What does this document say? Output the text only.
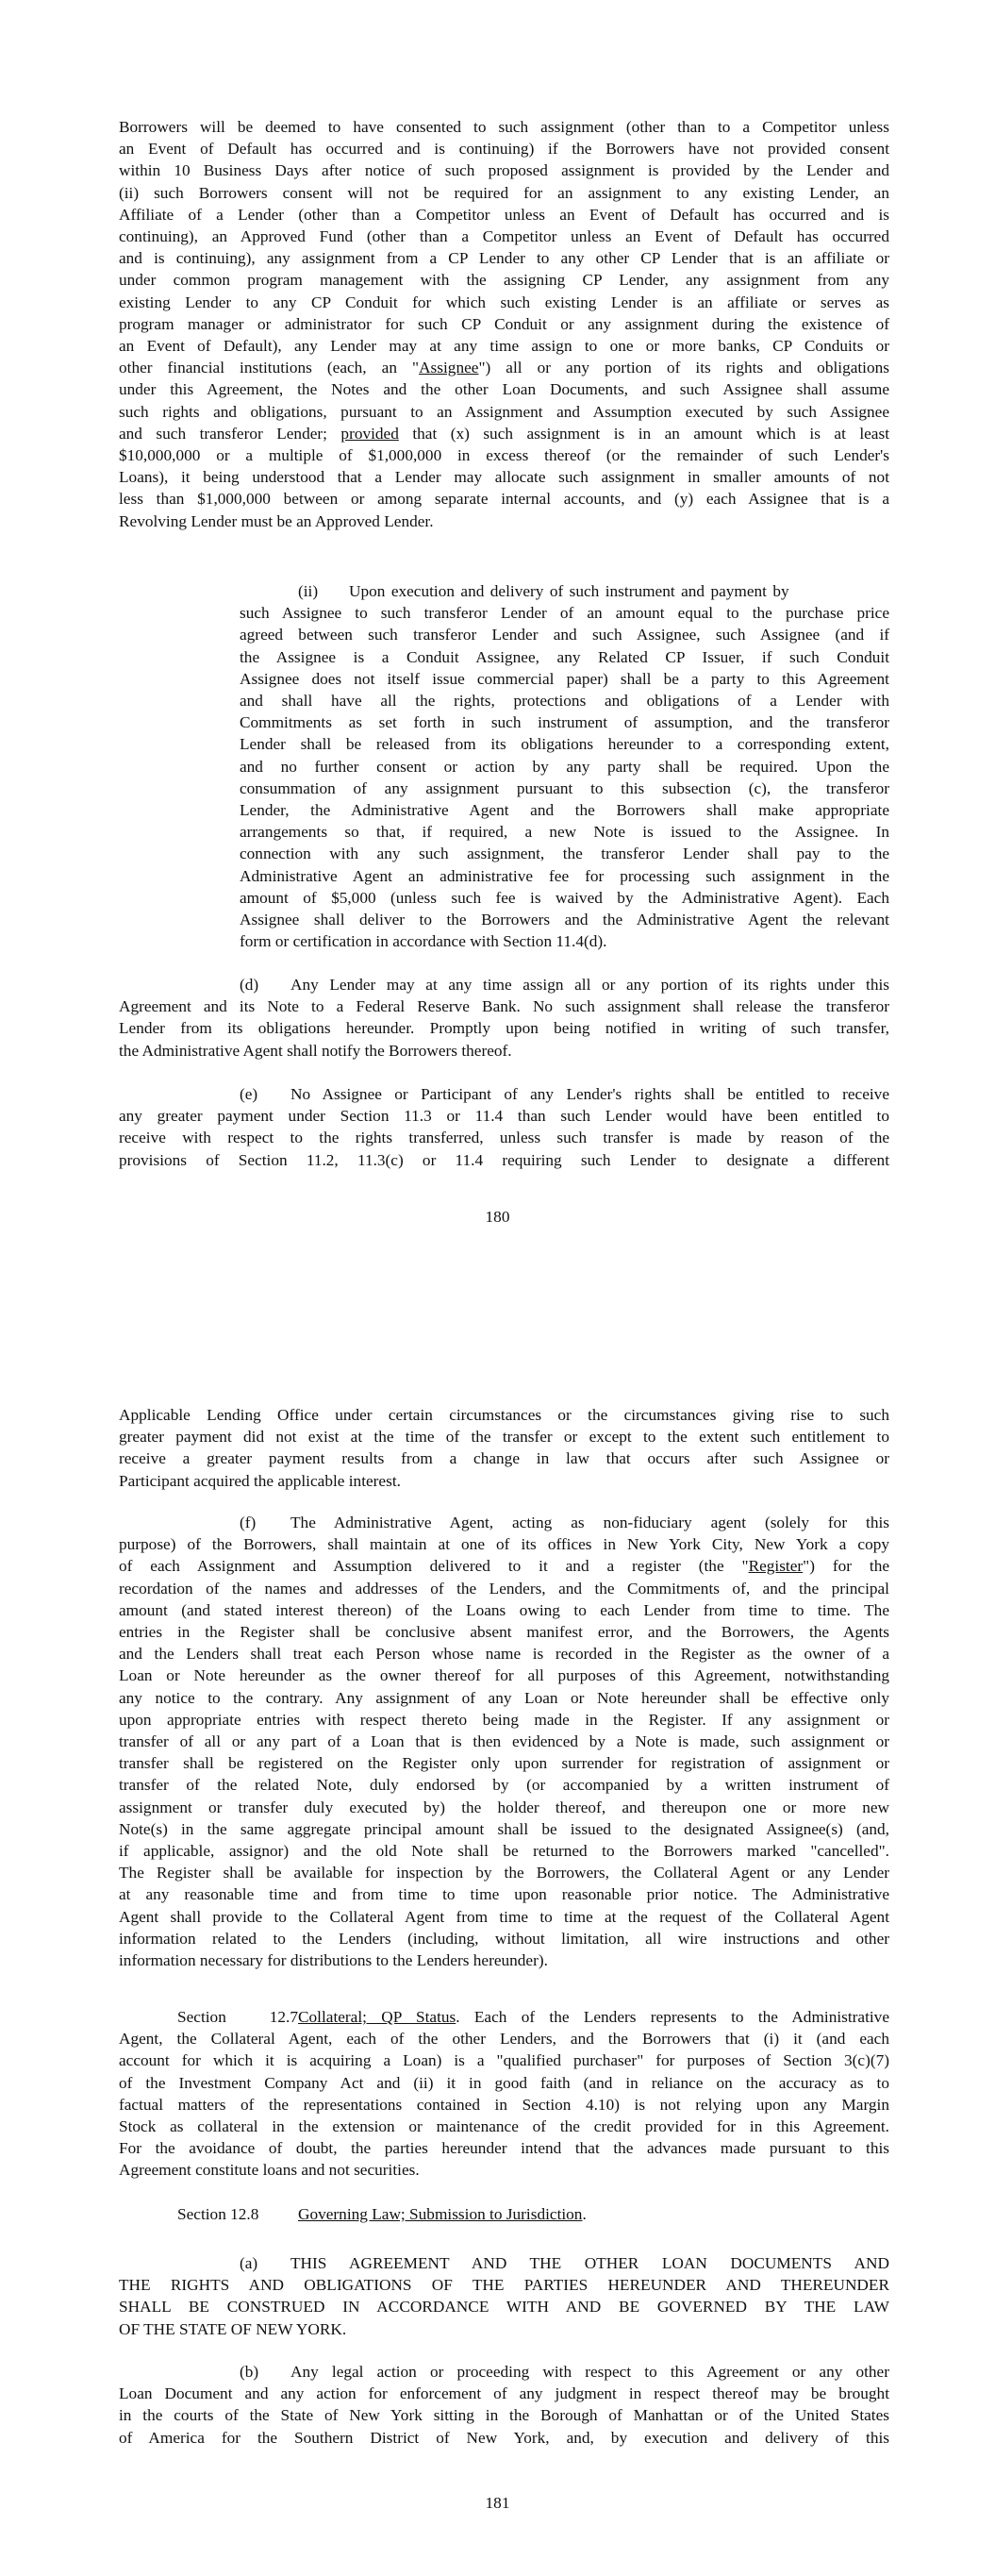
Borrowers will be deemed to have consented to such assignment (other than to a Competitor unless
an Event of Default has occurred and is continuing) if the Borrowers have not provided consent
within 10 Business Days after notice of such proposed assignment is provided by the Lender and
(ii) such Borrowers consent will not be required for an assignment to any existing Lender, an
Affiliate of a Lender (other than a Competitor unless an Event of Default has occurred and is
continuing), an Approved Fund (other than a Competitor unless an Event of Default has occurred
and is continuing), any assignment from a CP Lender to any other CP Lender that is an affiliate or
under common program management with the assigning CP Lender, any assignment from any
existing Lender to any CP Conduit for which such existing Lender is an affiliate or serves as
program manager or administrator for such CP Conduit or any assignment during the existence of
an Event of Default), any Lender may at any time assign to one or more banks, CP Conduits or
other financial institutions (each, an "Assignee") all or any portion of its rights and obligations
under this Agreement, the Notes and the other Loan Documents, and such Assignee shall assume
such rights and obligations, pursuant to an Assignment and Assumption executed by such Assignee
and such transferor Lender; provided that (x) such assignment is in an amount which is at least
$10,000,000 or a multiple of $1,000,000 in excess thereof (or the remainder of such Lender's
Loans), it being understood that a Lender may allocate such assignment in smaller amounts of not
less than $1,000,000 between or among separate internal accounts, and (y) each Assignee that is a
Revolving Lender must be an Approved Lender.
(ii) Upon execution and delivery of such instrument and payment by
such Assignee to such transferor Lender of an amount equal to the purchase price
agreed between such transferor Lender and such Assignee, such Assignee (and if
the Assignee is a Conduit Assignee, any Related CP Issuer, if such Conduit
Assignee does not itself issue commercial paper) shall be a party to this Agreement
and shall have all the rights, protections and obligations of a Lender with
Commitments as set forth in such instrument of assumption, and the transferor
Lender shall be released from its obligations hereunder to a corresponding extent,
and no further consent or action by any party shall be required. Upon the
consummation of any assignment pursuant to this subsection (c), the transferor
Lender, the Administrative Agent and the Borrowers shall make appropriate
arrangements so that, if required, a new Note is issued to the Assignee. In
connection with any such assignment, the transferor Lender shall pay to the
Administrative Agent an administrative fee for processing such assignment in the
amount of $5,000 (unless such fee is waived by the Administrative Agent). Each
Assignee shall deliver to the Borrowers and the Administrative Agent the relevant
form or certification in accordance with Section 11.4(d).
(d) Any Lender may at any time assign all or any portion of its rights under this
Agreement and its Note to a Federal Reserve Bank. No such assignment shall release the transferor
Lender from its obligations hereunder. Promptly upon being notified in writing of such transfer,
the Administrative Agent shall notify the Borrowers thereof.
(e) No Assignee or Participant of any Lender's rights shall be entitled to receive
any greater payment under Section 11.3 or 11.4 than such Lender would have been entitled to
receive with respect to the rights transferred, unless such transfer is made by reason of the
provisions of Section 11.2, 11.3(c) or 11.4 requiring such Lender to designate a different

180

Applicable Lending Office under certain circumstances or the circumstances giving rise to such
greater payment did not exist at the time of the transfer or except to the extent such entitlement to
receive a greater payment results from a change in law that occurs after such Assignee or
Participant acquired the applicable interest.
(f) The Administrative Agent, acting as non-fiduciary agent (solely for this
purpose) of the Borrowers, shall maintain at one of its offices in New York City, New York a copy
of each Assignment and Assumption delivered to it and a register (the "Register") for the
recordation of the names and addresses of the Lenders, and the Commitments of, and the principal
amount (and stated interest thereon) of the Loans owing to each Lender from time to time. The
entries in the Register shall be conclusive absent manifest error, and the Borrowers, the Agents
and the Lenders shall treat each Person whose name is recorded in the Register as the owner of a
Loan or Note hereunder as the owner thereof for all purposes of this Agreement, notwithstanding
any notice to the contrary. Any assignment of any Loan or Note hereunder shall be effective only
upon appropriate entries with respect thereto being made in the Register. If any assignment or
transfer of all or any part of a Loan that is then evidenced by a Note is made, such assignment or
transfer shall be registered on the Register only upon surrender for registration of assignment or
transfer of the related Note, duly endorsed by (or accompanied by a written instrument of
assignment or transfer duly executed by) the holder thereof, and thereupon one or more new
Note(s) in the same aggregate principal amount shall be issued to the designated Assignee(s) (and,
if applicable, assignor) and the old Note shall be returned to the Borrowers marked "cancelled".
The Register shall be available for inspection by the Borrowers, the Collateral Agent or any Lender
at any reasonable time and from time to time upon reasonable prior notice. The Administrative
Agent shall provide to the Collateral Agent from time to time at the request of the Collateral Agent
information related to the Lenders (including, without limitation, all wire instructions and other
information necessary for distributions to the Lenders hereunder).
Section 12.7Collateral; QP Status. Each of the Lenders represents to the Administrative
Agent, the Collateral Agent, each of the other Lenders, and the Borrowers that (i) it (and each
account for which it is acquiring a Loan) is a "qualified purchaser" for purposes of Section 3(c)(7)
of the Investment Company Act and (ii) it in good faith (and in reliance on the accuracy as to
factual matters of the representations contained in Section 4.10) is not relying upon any Margin
Stock as collateral in the extension or maintenance of the credit provided for in this Agreement.
For the avoidance of doubt, the parties hereunder intend that the advances made pursuant to this
Agreement constitute loans and not securities.
Section 12.8 Governing Law; Submission to Jurisdiction.
(a) THIS AGREEMENT AND THE OTHER LOAN DOCUMENTS AND
THE RIGHTS AND OBLIGATIONS OF THE PARTIES HEREUNDER AND THEREUNDER
SHALL BE CONSTRUED IN ACCORDANCE WITH AND BE GOVERNED BY THE LAW
OF THE STATE OF NEW YORK.
(b) Any legal action or proceeding with respect to this Agreement or any other
Loan Document and any action for enforcement of any judgment in respect thereof may be brought
in the courts of the State of New York sitting in the Borough of Manhattan or of the United States
of America for the Southern District of New York, and, by execution and delivery of this

181
